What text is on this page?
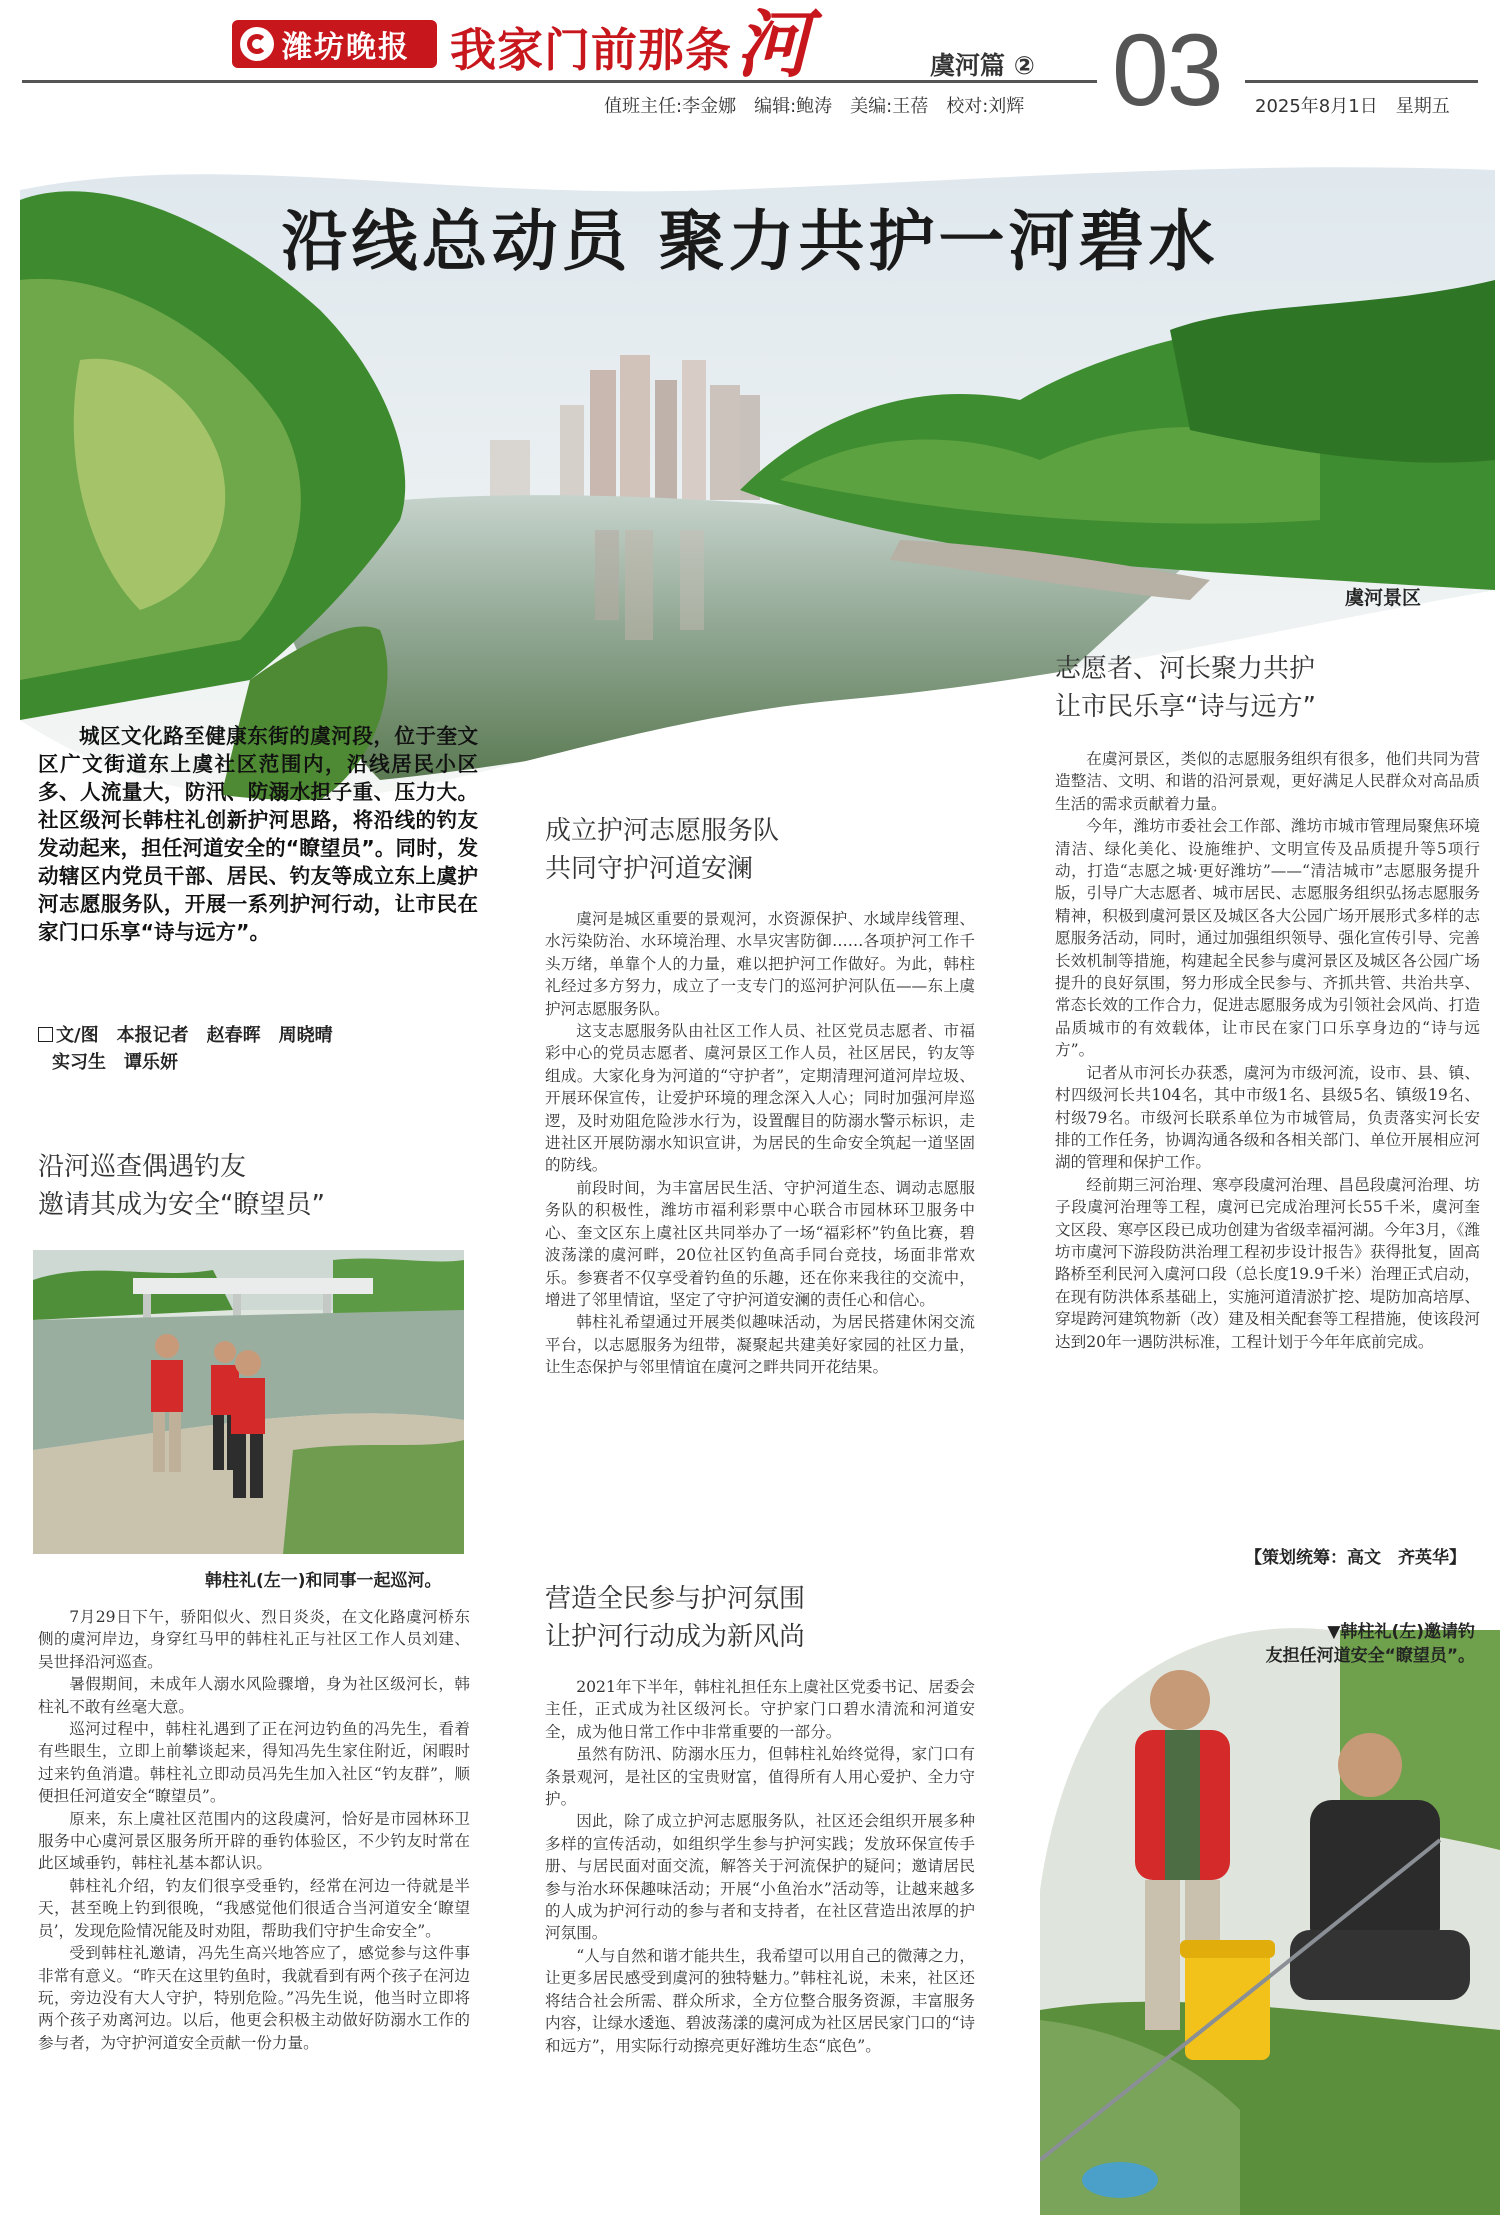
潍坊晚报 我家门前那条 河	虞河篇 ② 03
值班主任:李金娜　编辑:鲍涛　美编:王蓓　校对:刘辉	2025年8月1日　星期五
沿线总动员 聚力共护一河碧水
虞河景区
城区文化路至健康东街的虞河段，位于奎文区广文街道东上虞社区范围内，沿线居民小区多、人流量大，防汛、防溺水担子重、压力大。社区级河长韩柱礼创新护河思路，将沿线的钓友发动起来，担任河道安全的“瞭望员”。同时，发动辖区内党员干部、居民、钓友等成立东上虞护河志愿服务队，开展一系列护河行动，让市民在家门口乐享“诗与远方”。
文/图　本报记者　赵春晖　周晓晴
实习生　谭乐妍
沿河巡查偶遇钓友
邀请其成为安全“瞭望员”
韩柱礼(左一)和同事一起巡河。

7月29日下午，骄阳似火、烈日炎炎，在文化路虞河桥东侧的虞河岸边，身穿红马甲的韩柱礼正与社区工作人员刘建、吴世择沿河巡查。

暑假期间，未成年人溺水风险骤增，身为社区级河长，韩柱礼不敢有丝毫大意。

巡河过程中，韩柱礼遇到了正在河边钓鱼的冯先生，看着有些眼生，立即上前攀谈起来，得知冯先生家住附近，闲暇时过来钓鱼消遣。韩柱礼立即动员冯先生加入社区“钓友群”，顺便担任河道安全“瞭望员”。

原来，东上虞社区范围内的这段虞河，恰好是市园林环卫服务中心虞河景区服务所开辟的垂钓体验区，不少钓友时常在此区域垂钓，韩柱礼基本都认识。

韩柱礼介绍，钓友们很享受垂钓，经常在河边一待就是半天，甚至晚上钓到很晚，“我感觉他们很适合当河道安全‘瞭望员’，发现危险情况能及时劝阻，帮助我们守护生命安全”。

受到韩柱礼邀请，冯先生高兴地答应了，感觉参与这件事非常有意义。“昨天在这里钓鱼时，我就看到有两个孩子在河边玩，旁边没有大人守护，特别危险。”冯先生说，他当时立即将两个孩子劝离河边。以后，他更会积极主动做好防溺水工作的参与者，为守护河道安全贡献一份力量。

成立护河志愿服务队
共同守护河道安澜

虞河是城区重要的景观河，水资源保护、水域岸线管理、水污染防治、水环境治理、水旱灾害防御……各项护河工作千头万绪，单靠个人的力量，难以把护河工作做好。为此，韩柱礼经过多方努力，成立了一支专门的巡河护河队伍——东上虞护河志愿服务队。

这支志愿服务队由社区工作人员、社区党员志愿者、市福彩中心的党员志愿者、虞河景区工作人员，社区居民，钓友等组成。大家化身为河道的“守护者”，定期清理河道河岸垃圾、开展环保宣传，让爱护环境的理念深入人心；同时加强河岸巡逻，及时劝阻危险涉水行为，设置醒目的防溺水警示标识，走进社区开展防溺水知识宣讲，为居民的生命安全筑起一道坚固的防线。

前段时间，为丰富居民生活、守护河道生态、调动志愿服务队的积极性，潍坊市福利彩票中心联合市园林环卫服务中心、奎文区东上虞社区共同举办了一场“福彩杯”钓鱼比赛，碧波荡漾的虞河畔，20位社区钓鱼高手同台竞技，场面非常欢乐。参赛者不仅享受着钓鱼的乐趣，还在你来我往的交流中，增进了邻里情谊，坚定了守护河道安澜的责任心和信心。

韩柱礼希望通过开展类似趣味活动，为居民搭建休闲交流平台，以志愿服务为纽带，凝聚起共建美好家园的社区力量，让生态保护与邻里情谊在虞河之畔共同开花结果。

营造全民参与护河氛围
让护河行动成为新风尚

2021年下半年，韩柱礼担任东上虞社区党委书记、居委会主任，正式成为社区级河长。守护家门口碧水清流和河道安全，成为他日常工作中非常重要的一部分。

虽然有防汛、防溺水压力，但韩柱礼始终觉得，家门口有条景观河，是社区的宝贵财富，值得所有人用心爱护、全力守护。

因此，除了成立护河志愿服务队，社区还会组织开展多种多样的宣传活动，如组织学生参与护河实践；发放环保宣传手册、与居民面对面交流，解答关于河流保护的疑问；邀请居民参与治水环保趣味活动；开展“小鱼治水”活动等，让越来越多的人成为护河行动的参与者和支持者，在社区营造出浓厚的护河氛围。

“人与自然和谐才能共生，我希望可以用自己的微薄之力，让更多居民感受到虞河的独特魅力。”韩柱礼说，未来，社区还将结合社会所需、群众所求，全方位整合服务资源，丰富服务内容，让绿水逶迤、碧波荡漾的虞河成为社区居民家门口的“诗和远方”，用实际行动擦亮更好潍坊生态“底色”。

志愿者、河长聚力共护
让市民乐享“诗与远方”

在虞河景区，类似的志愿服务组织有很多，他们共同为营造整洁、文明、和谐的沿河景观，更好满足人民群众对高品质生活的需求贡献着力量。

今年，潍坊市委社会工作部、潍坊市城市管理局聚焦环境清洁、绿化美化、设施维护、文明宣传及品质提升等5项行动，打造“志愿之城·更好潍坊”——“清洁城市”志愿服务提升版，引导广大志愿者、城市居民、志愿服务组织弘扬志愿服务精神，积极到虞河景区及城区各大公园广场开展形式多样的志愿服务活动，同时，通过加强组织领导、强化宣传引导、完善长效机制等措施，构建起全民参与虞河景区及城区各公园广场提升的良好氛围，努力形成全民参与、齐抓共管、共治共享、常态长效的工作合力，促进志愿服务成为引领社会风尚、打造品质城市的有效载体，让市民在家门口乐享身边的“诗与远方”。

记者从市河长办获悉，虞河为市级河流，设市、县、镇、村四级河长共104名，其中市级1名、县级5名、镇级19名、村级79名。市级河长联系单位为市城管局，负责落实河长安排的工作任务，协调沟通各级和各相关部门、单位开展相应河湖的管理和保护工作。

经前期三河治理、寒亭段虞河治理、昌邑段虞河治理、坊子段虞河治理等工程，虞河已完成治理河长55千米，虞河奎文区段、寒亭区段已成功创建为省级幸福河湖。今年3月，《潍坊市虞河下游段防洪治理工程初步设计报告》获得批复，固高路桥至利民河入虞河口段（总长度19.9千米）治理正式启动，在现有防洪体系基础上，实施河道清淤扩挖、堤防加高培厚、穿堤跨河建筑物新（改）建及相关配套等工程措施，使该段河达到20年一遇防洪标准，工程计划于今年年底前完成。

【策划统筹：高文　齐英华】
▼韩柱礼(左)邀请钓
友担任河道安全“瞭望员”。
